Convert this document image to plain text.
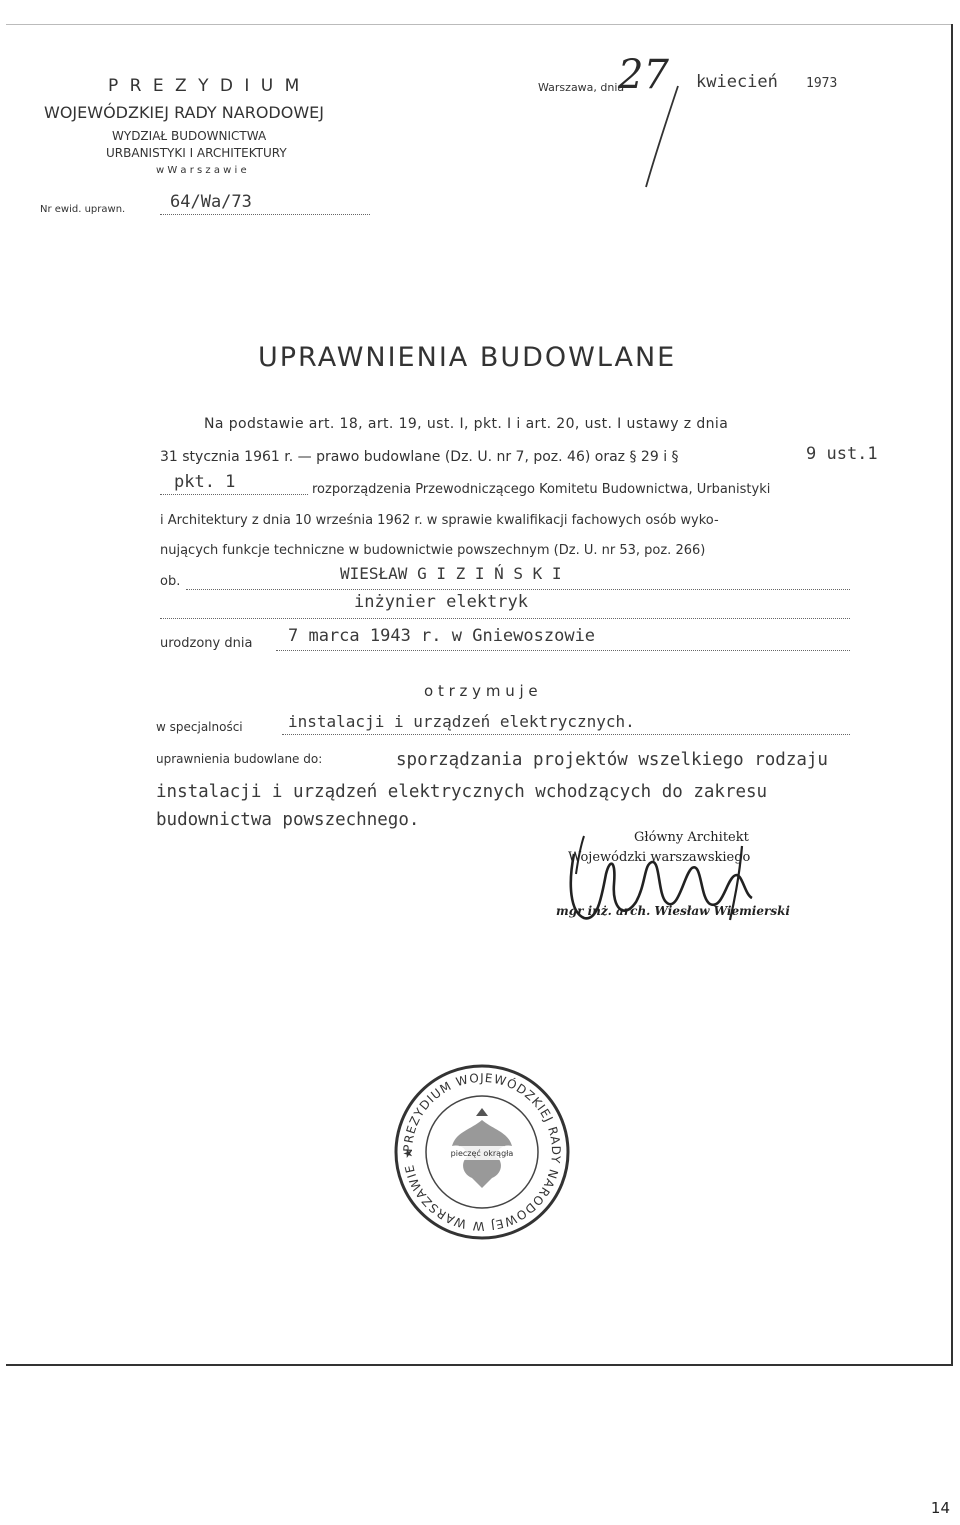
P R E Z Y D I U M
WOJEWÓDZKIEJ RADY NARODOWEJ
WYDZIAŁ BUDOWNICTWA
URBANISTYKI I ARCHITEKTURY
w W a r s z a w i e
Nr ewid. uprawn.	64/Wa/73
Warszawa, dnia
27 kwiecień 1973
UPRAWNIENIA BUDOWLANE
Na podstawie art. 18, art. 19, ust. I, pkt. I i art. 20, ust. I ustawy z dnia
31 stycznia 1961 r. — prawo budowlane (Dz. U. nr 7, poz. 46) oraz § 29 i §	9 ust.1
pkt. 1	rozporządzenia Przewodniczącego Komitetu Budownictwa, Urbanistyki
i Architektury z dnia 10 września 1962 r. w sprawie kwalifikacji fachowych osób wyko-
nujących funkcje techniczne w budownictwie powszechnym (Dz. U. nr 53, poz. 266)
ob.	WIESŁAW G I Z I Ń S K I
inżynier elektryk
urodzony dnia 7 marca 1943 r. w Gniewoszowie
o t r z y m u j e
w specjalności	instalacji i urządzeń elektrycznych.
uprawnienia budowlane do:	sporządzania projektów wszelkiego rodzaju
instalacji i urządzeń elektrycznych wchodzących do zakresu
budownictwa powszechnego.
Główny Architekt
Wojewódzki warszawskiego
mgr inż. arch. Wiesław Wiemierski
PREZYDIUM WOJEWÓDZKIEJ RADY NARODOWEJ W WARSZAWIE ★	pieczęć okrągła
14
